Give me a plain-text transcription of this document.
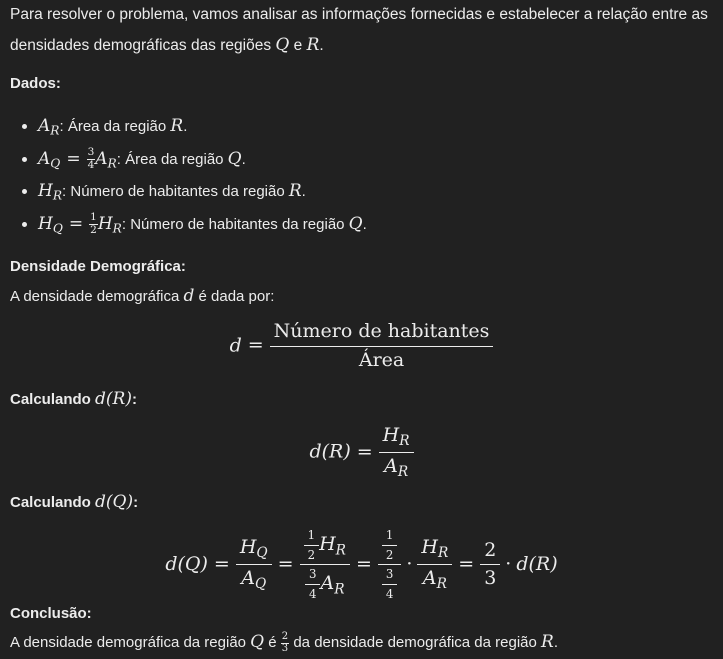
Para resolver o problema, vamos analisar as informações fornecidas e estabelecer a relação entre as densidades demográficas das regiões Q e R.
Dados:
$A_R$: Área da região R.
$A_Q = \frac{3}{4} A_R$: Área da região Q.
$H_R$: Número de habitantes da região R.
$H_Q = \frac{1}{2} H_R$: Número de habitantes da região Q.
Densidade Demográfica:
A densidade demográfica d é dada por:
$d = \frac{\text{Número de habitantes}}{\text{Área}}$
Calculando d(R):
$d(R) = \frac{H_R}{A_R}$
Calculando d(Q):
$d(Q) = \frac{H_Q}{A_Q} = \frac{\frac{1}{2} H_R}{\frac{3}{4} A_R} = \frac{\frac{1}{2}}{\frac{3}{4}} \cdot \frac{H_R}{A_R} = \frac{2}{3} \cdot d(R)$
Conclusão:
A densidade demográfica da região Q é $\frac{2}{3}$ da densidade demográfica da região R.
